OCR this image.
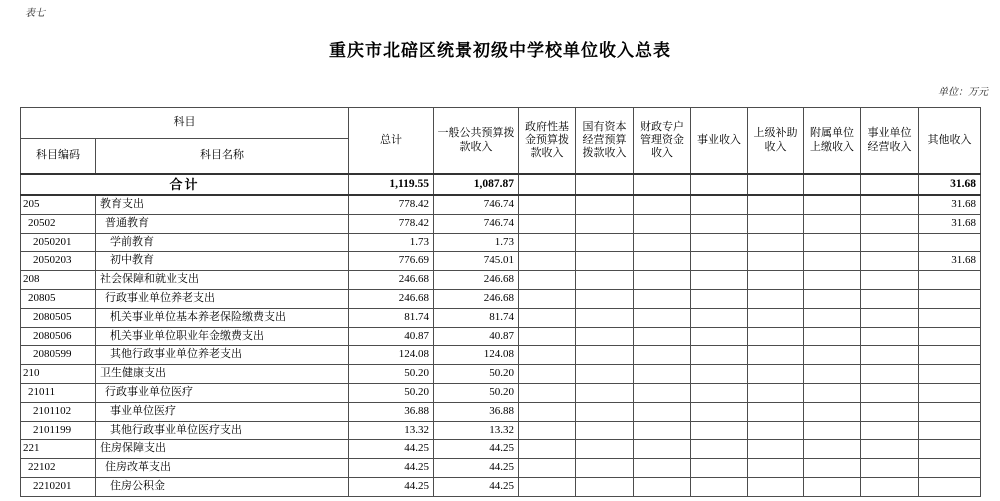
表七
重庆市北碚区统景初级中学校单位收入总表
单位：万元
科目		总计	一般公共预算拨款收入	政府性基金预算拨款收入	国有资本经营预算拨款收入	财政专户管理资金收入	事业收入	上级补助收入	附属单位上缴收入	事业单位经营收入	其他收入
科目编码	科目名称										
合计		1,119.55	1,087.87								31.68
205	教育支出	778.42	746.74								31.68
20502	普通教育	778.42	746.74								31.68
2050201	学前教育	1.73	1.73								
2050203	初中教育	776.69	745.01								31.68
208	社会保障和就业支出	246.68	246.68								
20805	行政事业单位养老支出	246.68	246.68								
2080505	机关事业单位基本养老保险缴费支出	81.74	81.74								
2080506	机关事业单位职业年金缴费支出	40.87	40.87								
2080599	其他行政事业单位养老支出	124.08	124.08								
210	卫生健康支出	50.20	50.20								
21011	行政事业单位医疗	50.20	50.20								
2101102	事业单位医疗	36.88	36.88								
2101199	其他行政事业单位医疗支出	13.32	13.32								
221	住房保障支出	44.25	44.25								
22102	住房改革支出	44.25	44.25								
2210201	住房公积金	44.25	44.25								
